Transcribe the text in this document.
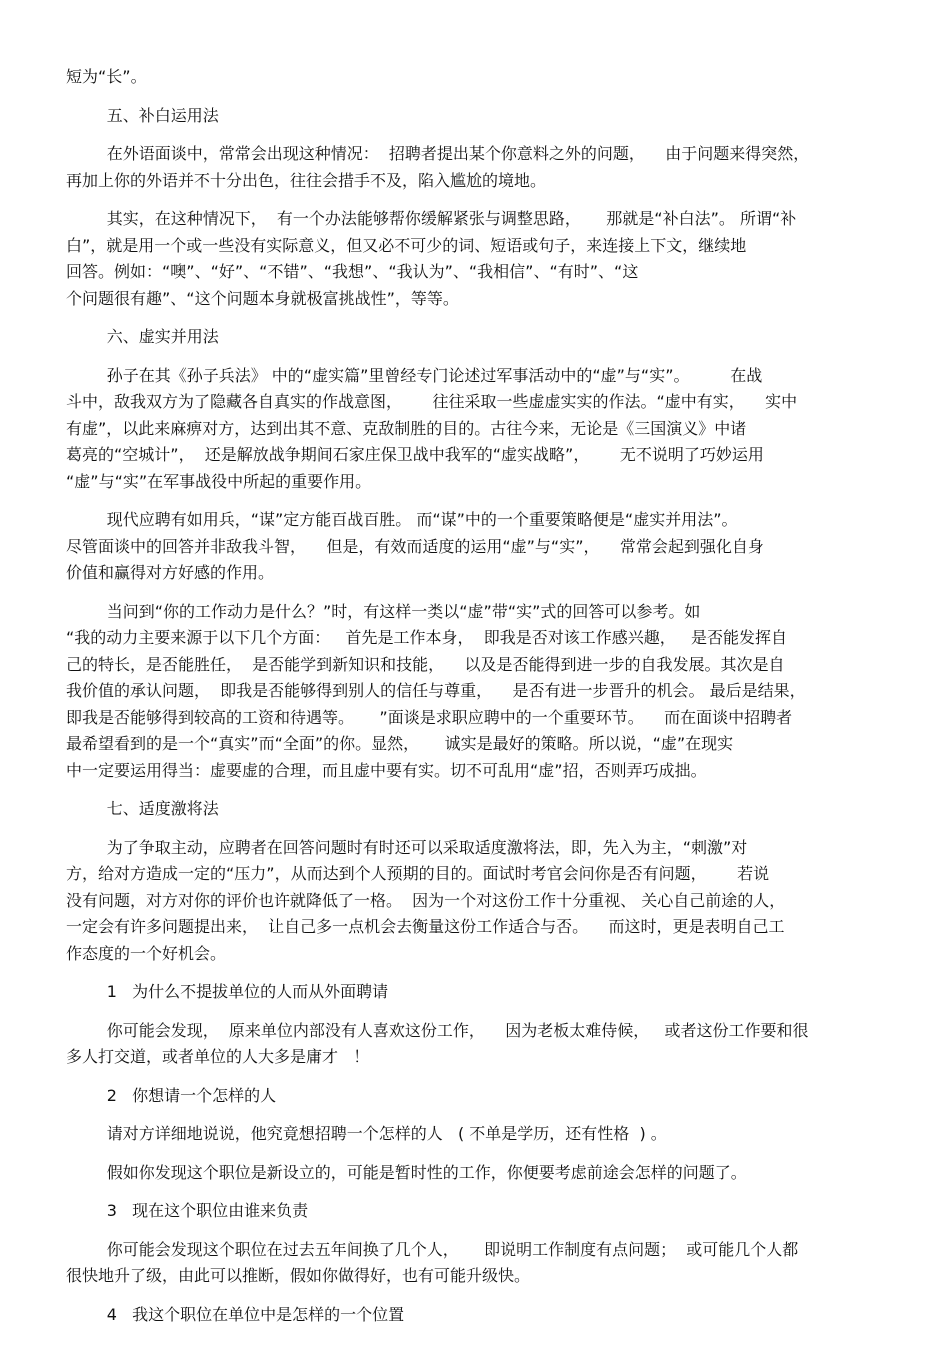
短为“长”。

五、补白运用法

在外语面谈中，常常会出现这种情况：  招聘者提出某个你意料之外的问题，    由于问题来得突然，

再加上你的外语并不十分出色，往往会措手不及，陷入尴尬的境地。

其实，在这种情况下，  有一个办法能够帮你缓解紧张与调整思路，     那就是“补白法”。 所谓“补

白”，就是用一个或一些没有实际意义，但又必不可少的词、短语或句子，来连接上下文，继续地

回答。例如：“噢”、“好”、“不错”、“我想”、“我认为”、“我相信”、“有时”、“这

个问题很有趣”、“这个问题本身就极富挑战性”，等等。

六、虚实并用法

孙子在其《孙子兵法》 中的“虚实篇”里曾经专门论述过军事活动中的“虚”与“实”。        在战

斗中，敌我双方为了隐藏各自真实的作战意图，      往往采取一些虚虚实实的作法。“虚中有实，    实中

有虚”，以此来麻痹对方，达到出其不意、克敌制胜的目的。古往今来，无论是《三国演义》中诸

葛亮的“空城计”，  还是解放战争期间石家庄保卫战中我军的“虚实战略”，      无不说明了巧妙运用

“虚”与“实”在军事战役中所起的重要作用。

现代应聘有如用兵，“谋”定方能百战百胜。 而“谋”中的一个重要策略便是“虚实并用法”。

尽管面谈中的回答并非敌我斗智，    但是，有效而适度的运用“虚”与“实”，    常常会起到强化自身

价值和赢得对方好感的作用。

当问到“你的工作动力是什么？”时，有这样一类以“虚”带“实”式的回答可以参考。如

“我的动力主要来源于以下几个方面：   首先是工作本身，  即我是否对该工作感兴趣，   是否能发挥自

己的特长，是否能胜任，  是否能学到新知识和技能，    以及是否能得到进一步的自我发展。其次是自

我价值的承认问题，  即我是否能够得到别人的信任与尊重，    是否有进一步晋升的机会。 最后是结果，

即我是否能够得到较高的工资和待遇等。     ”面谈是求职应聘中的一个重要环节。    而在面谈中招聘者

最希望看到的是一个“真实”而“全面”的你。显然，     诚实是最好的策略。所以说，“虚”在现实

中一定要运用得当：虚要虚的合理，而且虚中要有实。切不可乱用“虚”招，否则弄巧成拙。

七、适度激将法

为了争取主动，应聘者在回答问题时有时还可以采取适度激将法，即，先入为主，“刺激”对

方，给对方造成一定的“压力”，从而达到个人预期的目的。面试时考官会问你是否有问题，      若说

没有问题，对方对你的评价也许就降低了一格。  因为一个对这份工作十分重视、 关心自己前途的人，

一定会有许多问题提出来，  让自己多一点机会去衡量这份工作适合与否。    而这时，更是表明自己工

作态度的一个好机会。

1   为什么不提拔单位的人而从外面聘请

你可能会发现，  原来单位内部没有人喜欢这份工作，    因为老板太难侍候，   或者这份工作要和很

多人打交道，或者单位的人大多是庸才   ！

2   你想请一个怎样的人

请对方详细地说说，他究竟想招聘一个怎样的人   ( 不单是学历，还有性格  ) 。

假如你发现这个职位是新设立的，可能是暂时性的工作，你便要考虑前途会怎样的问题了。

3   现在这个职位由谁来负责

你可能会发现这个职位在过去五年间换了几个人，     即说明工作制度有点问题；  或可能几个人都

很快地升了级，由此可以推断，假如你做得好，也有可能升级快。

4   我这个职位在单位中是怎样的一个位置
